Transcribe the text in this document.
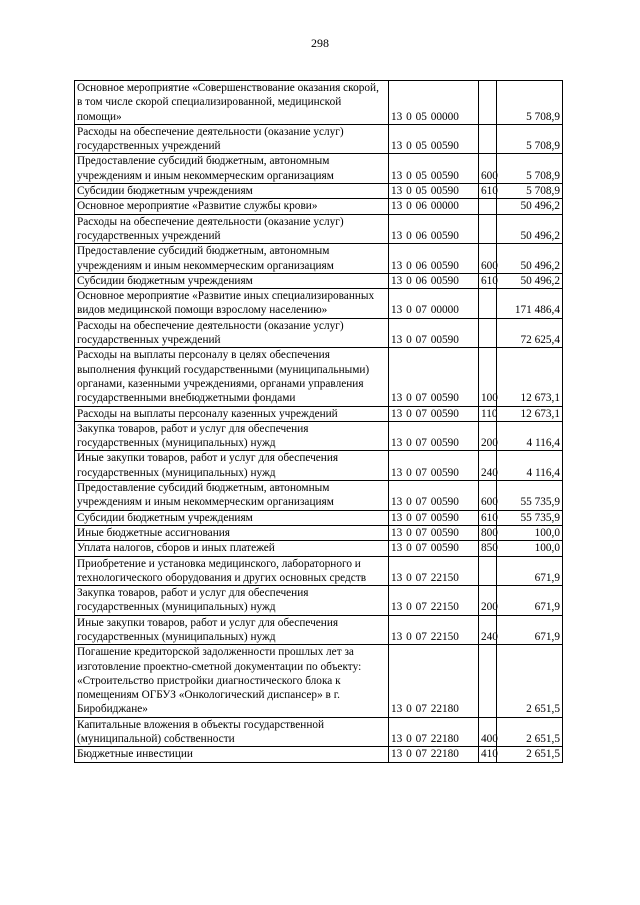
298
Основное мероприятие «Совершенствование оказания скорой, в том числе скорой специализированной, медицинской помощи»	13 0 05 00000		5 708,9
Расходы на обеспечение деятельности (оказание услуг) государственных учреждений	13 0 05 00590		5 708,9
Предоставление субсидий бюджетным, автономным учреждениям и иным некоммерческим организациям	13 0 05 00590	600	5 708,9
Субсидии бюджетным учреждениям	13 0 05 00590	610	5 708,9
Основное мероприятие «Развитие службы крови»	13 0 06 00000		50 496,2
Расходы на обеспечение деятельности (оказание услуг) государственных учреждений	13 0 06 00590		50 496,2
Предоставление субсидий бюджетным, автономным учреждениям и иным некоммерческим организациям	13 0 06 00590	600	50 496,2
Субсидии бюджетным учреждениям	13 0 06 00590	610	50 496,2
Основное мероприятие «Развитие иных специализированных видов медицинской помощи взрослому населению»	13 0 07 00000		171 486,4
Расходы на обеспечение деятельности (оказание услуг) государственных учреждений	13 0 07 00590		72 625,4
Расходы на выплаты персоналу в целях обеспечения выполнения функций государственными (муниципальными) органами, казенными учреждениями, органами управления государственными внебюджетными фондами	13 0 07 00590	100	12 673,1
Расходы на выплаты персоналу казенных учреждений	13 0 07 00590	110	12 673,1
Закупка товаров, работ и услуг для обеспечения государственных (муниципальных) нужд	13 0 07 00590	200	4 116,4
Иные закупки товаров, работ и услуг для обеспечения государственных (муниципальных) нужд	13 0 07 00590	240	4 116,4
Предоставление субсидий бюджетным, автономным учреждениям и иным некоммерческим организациям	13 0 07 00590	600	55 735,9
Субсидии бюджетным учреждениям	13 0 07 00590	610	55 735,9
Иные бюджетные ассигнования	13 0 07 00590	800	100,0
Уплата налогов, сборов и иных платежей	13 0 07 00590	850	100,0
Приобретение и установка медицинского, лабораторного и технологического оборудования и других основных средств	13 0 07 22150		671,9
Закупка товаров, работ и услуг для обеспечения государственных (муниципальных) нужд	13 0 07 22150	200	671,9
Иные закупки товаров, работ и услуг для обеспечения государственных (муниципальных) нужд	13 0 07 22150	240	671,9
Погашение кредиторской задолженности прошлых лет за изготовление проектно-сметной документации по объекту: «Строительство пристройки диагностического блока к помещениям ОГБУЗ «Онкологический диспансер» в г. Биробиджане»	13 0 07 22180		2 651,5
Капитальные вложения в объекты государственной (муниципальной) собственности	13 0 07 22180	400	2 651,5
Бюджетные инвестиции	13 0 07 22180	410	2 651,5
